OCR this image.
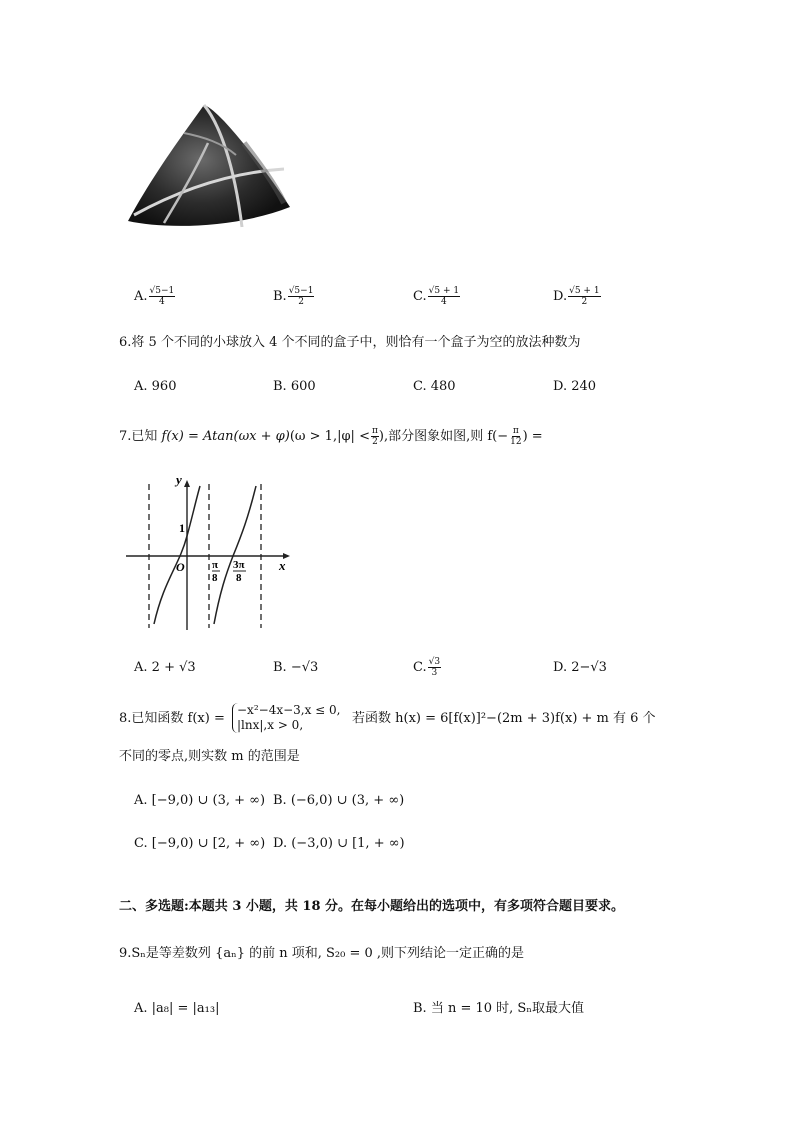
A. $\frac{√5-1}{4}$	B. $\frac{√5-1}{2}$	C. $\frac{√5 + 1}{4}$	D. $\frac{√5 + 1}{2}$
6.将 5 个不同的小球放入 4 个不同的盒子中，则恰有一个盒子为空的放法种数为
A. 960	B. 600	C. 480	D. 240
7.已知 $f(x) = Atan(\omega x + \varphi)(\omega > 1,|\varphi| < \frac{\pi}{2}$ ),部分图象如图,则 $f(- \frac{\pi}{12}$ ) =
y
x
O
1
π
8
3π
8
A. 2 + √3	B. −√3	C. $\frac{√3}{3}$	D. 2−√3
8.已知函数 f(x) =
−x²−4x−3,x ≤ 0,
|lnx|,x > 0,	若函数 h(x) = 6[f(x)]²−(2m + 3)f(x) + m 有 6 个
不同的零点,则实数 m 的范围是
A. [−9,0) ∪ (3, + ∞) B. (−6,0) ∪ (3, + ∞)
C. [−9,0) ∪ [2, + ∞) D. (−3,0) ∪ [1, + ∞)
二、多选题:本题共 3 小题，共 18 分。在每小题给出的选项中，有多项符合题目要求。
9.Sₙ是等差数列 {aₙ} 的前 n 项和, S₂₀ = 0 ,则下列结论一定正确的是
A. |a₈| = |a₁₃|	B. 当 n = 10 时, Sₙ取最大值
